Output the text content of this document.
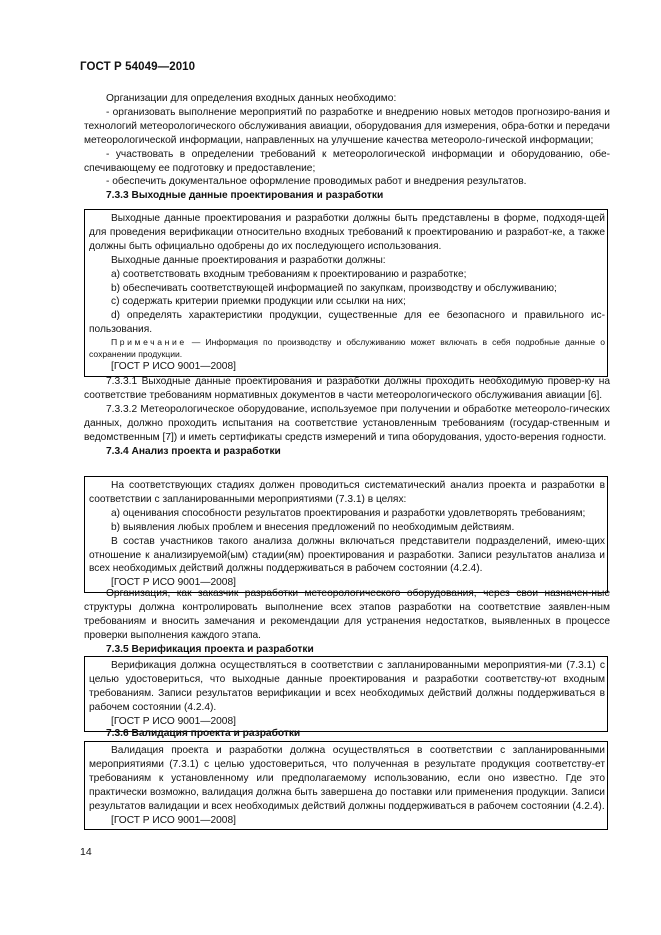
ГОСТ Р 54049—2010

Организации для определения входных данных необходимо:

- организовать выполнение мероприятий по разработке и внедрению новых методов прогнозиро-вания и технологий метеорологического обслуживания авиации, оборудования для измерения, обра-ботки и передачи метеорологической информации, направленных на улучшение качества метеороло-гической информации;

- участвовать в определении требований к метеорологической информации и оборудованию, обе-спечивающему ее подготовку и предоставление;

- обеспечить документальное оформление проводимых работ и внедрения результатов.

7.3.3 Выходные данные проектирования и разработки

Выходные данные проектирования и разработки должны быть представлены в форме, подходя-щей для проведения верификации относительно входных требований к проектированию и разработ-ке, а также должны быть официально одобрены до их последующего использования.

Выходные данные проектирования и разработки должны:

а) соответствовать входным требованиям к проектированию и разработке;

b) обеспечивать соответствующей информацией по закупкам, производству и обслуживанию;

c) содержать критерии приемки продукции или ссылки на них;

d) определять характеристики продукции, существенные для ее безопасного и правильного ис-пользования.

Примечание — Информация по производству и обслуживанию может включать в себя подробные данные о сохранении продукции.

[ГОСТ Р ИСО 9001—2008]

7.3.3.1 Выходные данные проектирования и разработки должны проходить необходимую провер-ку на соответствие требованиям нормативных документов в части метеорологического обслуживания авиации [6].

7.3.3.2 Метеорологическое оборудование, используемое при получении и обработке метеороло-гических данных, должно проходить испытания на соответствие установленным требованиям (государ-ственным и ведомственным [7]) и иметь сертификаты средств измерений и типа оборудования, удосто-верения годности.

7.3.4 Анализ проекта и разработки

На соответствующих стадиях должен проводиться систематический анализ проекта и разработки в соответствии с запланированными мероприятиями (7.3.1) в целях:

а) оценивания способности результатов проектирования и разработки удовлетворять требованиям;

b) выявления любых проблем и внесения предложений по необходимым действиям.

В состав участников такого анализа должны включаться представители подразделений, имею-щих отношение к анализируемой(ым) стадии(ям) проектирования и разработки. Записи результатов анализа и всех необходимых действий должны поддерживаться в рабочем состоянии (4.2.4).

[ГОСТ Р ИСО 9001—2008]

Организация, как заказчик разработки метеорологического оборудования, через свои назначен-ные структуры должна контролировать выполнение всех этапов разработки на соответствие заявлен-ным требованиям и вносить замечания и рекомендации для устранения недостатков, выявленных в процессе проверки выполнения каждого этапа.

7.3.5 Верификация проекта и разработки

Верификация должна осуществляться в соответствии с запланированными мероприятия-ми (7.3.1) с целью удостовериться, что выходные данные проектирования и разработки соответству-ют входным требованиям. Записи результатов верификации и всех необходимых действий должны поддерживаться в рабочем состоянии (4.2.4).

[ГОСТ Р ИСО 9001—2008]

7.3.6 Валидация проекта и разработки

Валидация проекта и разработки должна осуществляться в соответствии с запланированными мероприятиями (7.3.1) с целью удостовериться, что полученная в результате продукция соответству-ет требованиям к установленному или предполагаемому использованию, если оно известно. Где это практически возможно, валидация должна быть завершена до поставки или применения продукции. Записи результатов валидации и всех необходимых действий должны поддерживаться в рабочем состоянии (4.2.4).

[ГОСТ Р ИСО 9001—2008]

14
